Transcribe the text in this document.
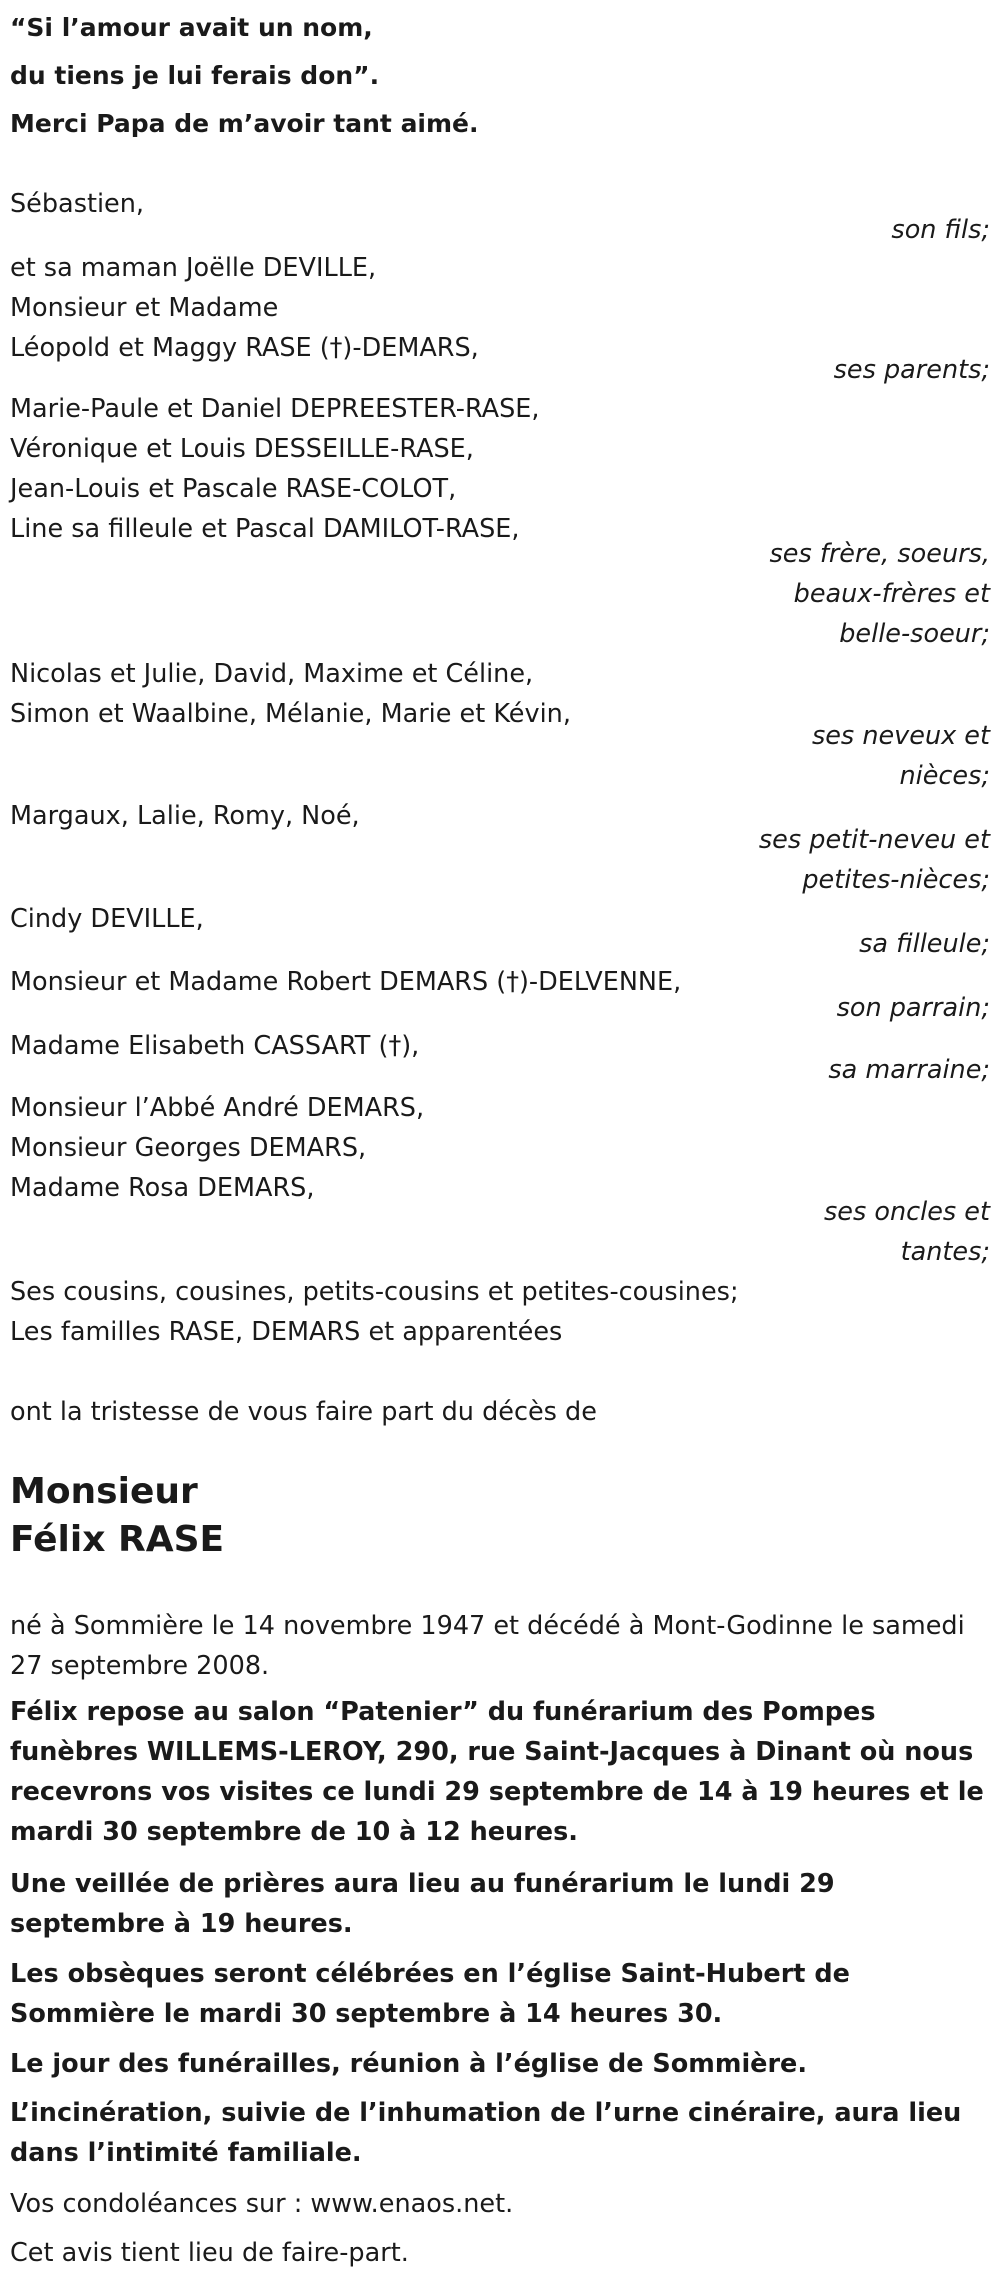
“Si l’amour avait un nom,
du tiens je lui ferais don”.
Merci Papa de m’avoir tant aimé.
Sébastien,
son fils;
et sa maman Joëlle DEVILLE,
Monsieur et Madame
Léopold et Maggy RASE (†)-DEMARS,
ses parents;
Marie-Paule et Daniel DEPREESTER-RASE,
Véronique et Louis DESSEILLE-RASE,
Jean-Louis et Pascale RASE-COLOT,
Line sa filleule et Pascal DAMILOT-RASE,
ses frère, soeurs,
beaux-frères et
belle-soeur;
Nicolas et Julie, David, Maxime et Céline,
Simon et Waalbine, Mélanie, Marie et Kévin,
ses neveux et
nièces;
Margaux, Lalie, Romy, Noé,
ses petit-neveu et
petites-nièces;
Cindy DEVILLE,
sa filleule;
Monsieur et Madame Robert DEMARS (†)-DELVENNE,
son parrain;
Madame Elisabeth CASSART (†),
sa marraine;
Monsieur l’Abbé André DEMARS,
Monsieur Georges DEMARS,
Madame Rosa DEMARS,
ses oncles et
tantes;
Ses cousins, cousines, petits-cousins et petites-cousines;
Les familles RASE, DEMARS et apparentées
ont la tristesse de vous faire part du décès de
Monsieur
Félix RASE
né à Sommière le 14 novembre 1947 et décédé à Mont-Godinne le samedi 27 septembre 2008.
Félix repose au salon “Patenier” du funérarium des Pompes funèbres WILLEMS-LEROY, 290, rue Saint-Jacques à Dinant où nous recevrons vos visites ce lundi 29 septembre de 14 à 19 heures et le mardi 30 septembre de 10 à 12 heures.
Une veillée de prières aura lieu au funérarium le lundi 29 septembre à 19 heures.
Les obsèques seront célébrées en l’église Saint-Hubert de Sommière le mardi 30 septembre à 14 heures 30.
Le jour des funérailles, réunion à l’église de Sommière.
L’incinération, suivie de l’inhumation de l’urne cinéraire, aura lieu dans l’intimité familiale.
Vos condoléances sur : www.enaos.net.
Cet avis tient lieu de faire-part.
